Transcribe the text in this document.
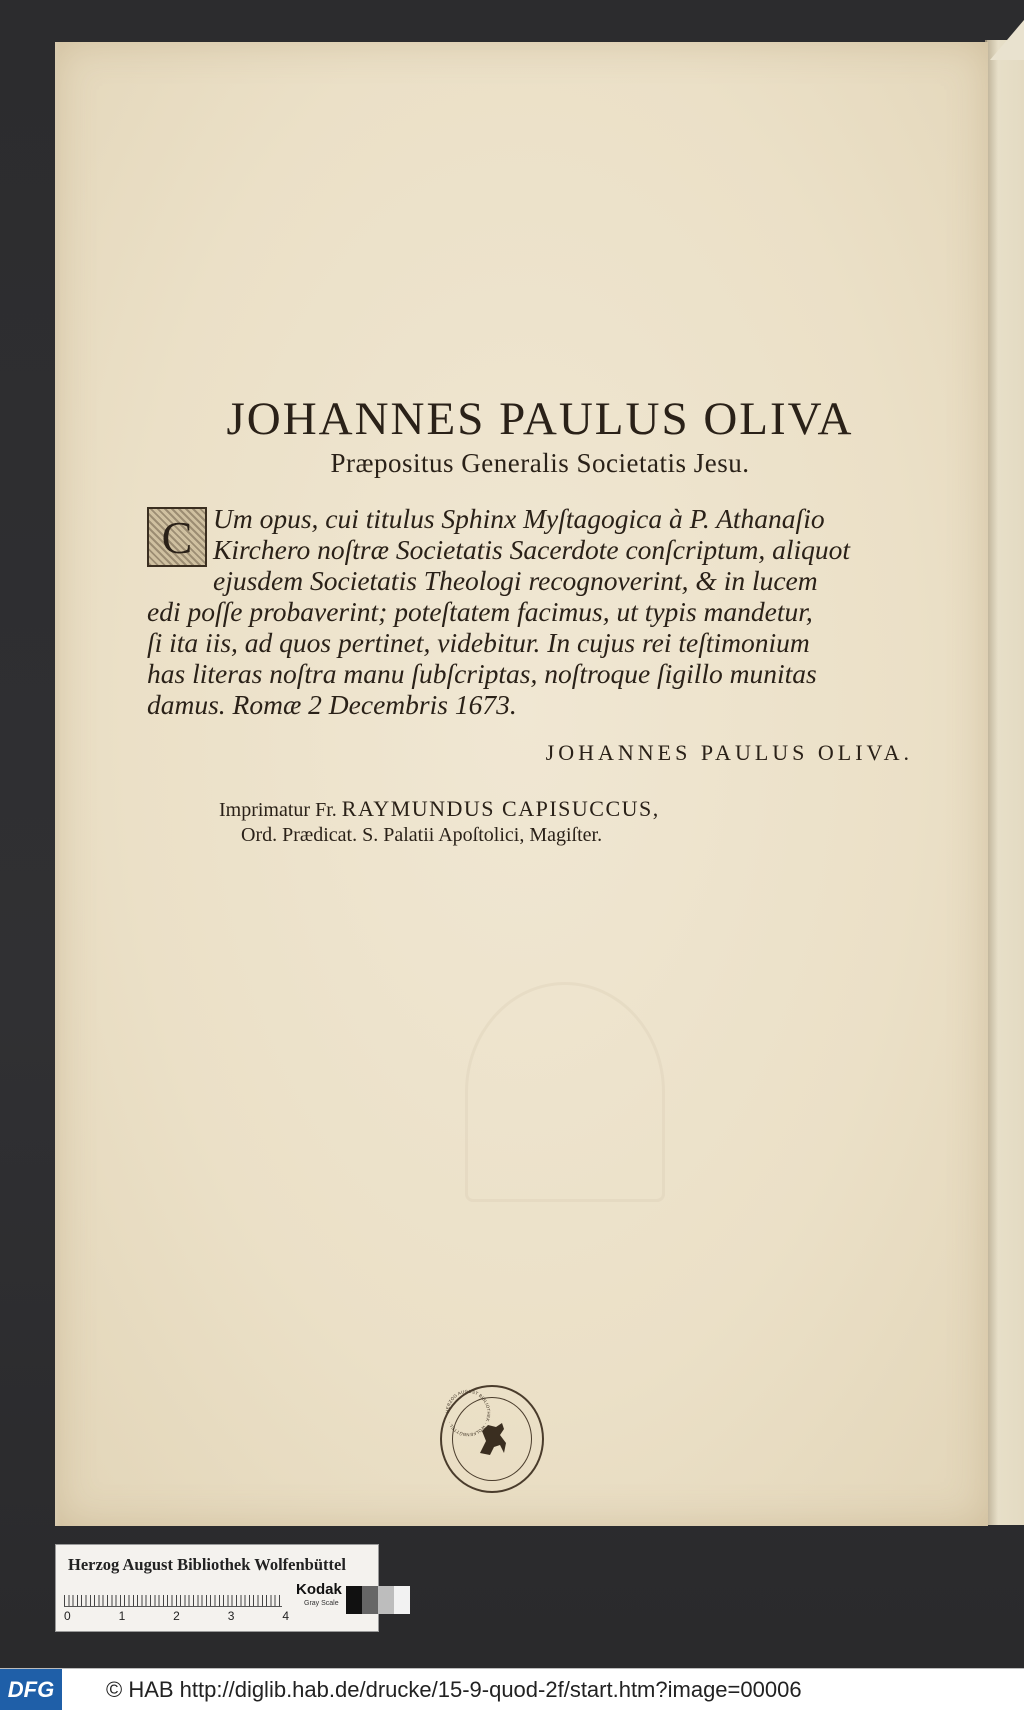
JOHANNES PAULUS OLIVA
Præpositus Generalis Societatis Jesu.
C Um opus, cui titulus Sphinx Myſtagogica à P. Athanaſio
Kirchero noſtræ Societatis Sacerdote conſcriptum, aliquot
ejusdem Societatis Theologi recognoverint, & in lucem
edi poſſe probaverint; poteſtatem facimus, ut typis mandetur,
ſi ita iis, ad quos pertinet, videbitur. In cujus rei teſtimonium
has literas noſtra manu ſubſcriptas, noſtroque ſigillo munitas
damus. Romæ 2 Decembris 1673.
JOHANNES PAULUS OLIVA.
Imprimatur Fr. RAYMUNDUS CAPISUCCUS,
Ord. Prædicat. S. Palatii Apoſtolici, Magiſter.
HERZOG AUGUST BIBLIOTHEK · WOLFENBÜTTEL ·
Herzog August Bibliothek Wolfenbüttel
0	1	2	3	4
Kodak
Gray Scale
DFG	© HAB http://diglib.hab.de/drucke/15-9-quod-2f/start.htm?image=00006
